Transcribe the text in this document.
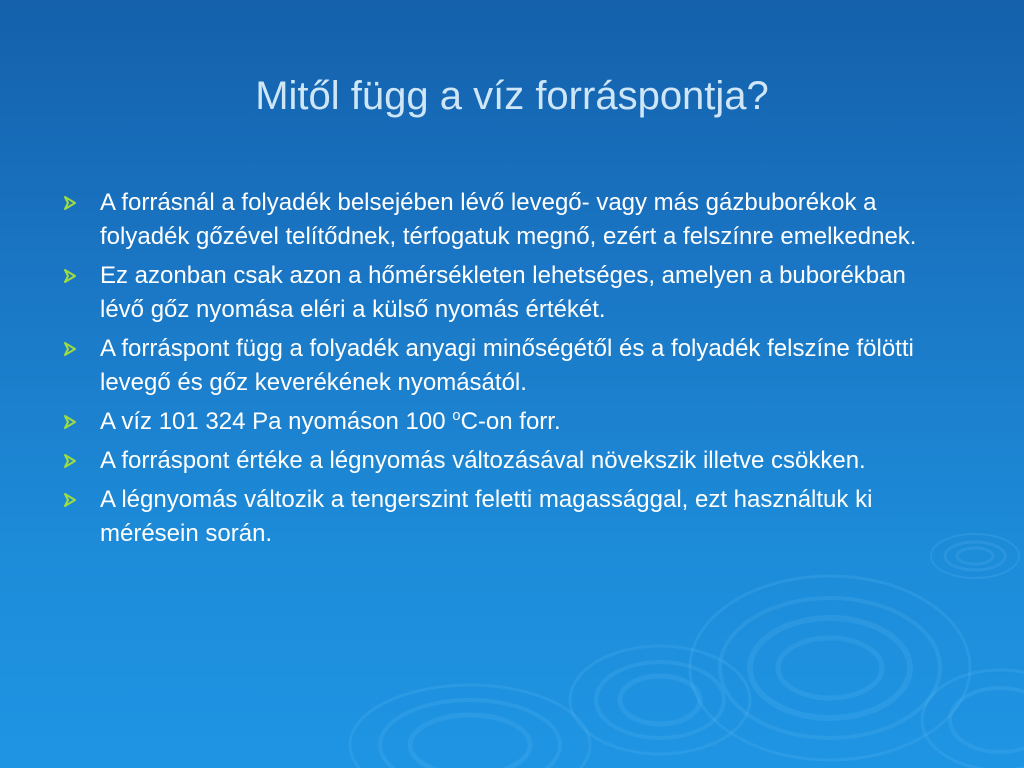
Mitől függ a víz forráspontja?
A forrásnál a folyadék belsejében lévő levegő- vagy más gázbuborékok a folyadék gőzével telítődnek, térfogatuk megnő, ezért a felszínre emelkednek.
Ez azonban csak azon a hőmérsékleten lehetséges, amelyen a buborékban lévő gőz nyomása eléri a külső nyomás értékét.
A forráspont függ a folyadék anyagi minőségétől és a folyadék felszíne fölötti levegő és gőz keverékének nyomásától.
A víz 101 324 Pa nyomáson 100 $^o$C-on forr.
A forráspont értéke a légnyomás változásával növekszik illetve csökken.
A légnyomás változik a tengerszint feletti magassággal, ezt használtuk ki mérésein során.
